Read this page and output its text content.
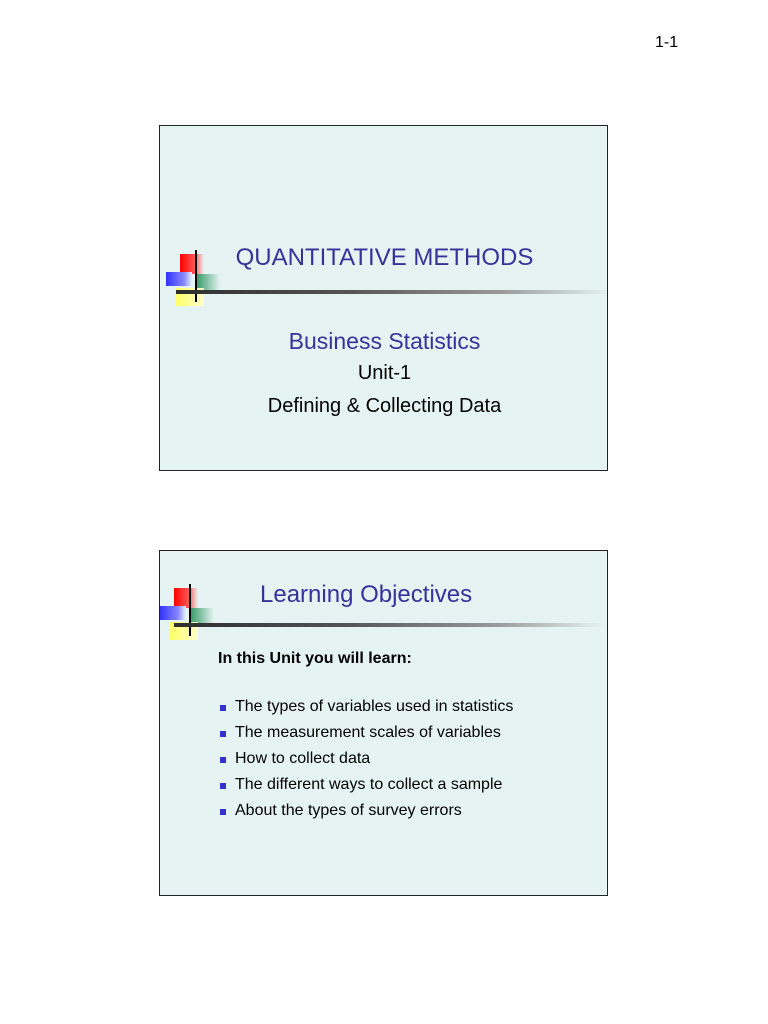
1-1
QUANTITATIVE METHODS
Business Statistics
Unit-1
Defining & Collecting Data
Learning Objectives
In this Unit you will learn:
The types of variables used in statistics
The measurement scales of variables
How to collect data
The different ways to collect a sample
About the types of survey errors
